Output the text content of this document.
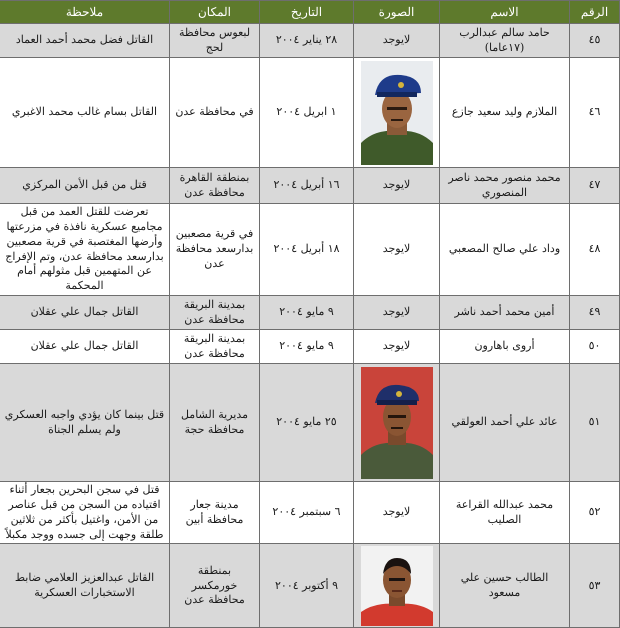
الرقم	الاسم	الصورة	التاريخ	المكان	ملاحظة
٤٥	حامد سالم عبدالرب (١٧عاما)	لايوجد	٢٨ يناير ٢٠٠٤	لبعوس محافظة لحج	القاتل فضل محمد أحمد العماد
٤٦	الملازم وليد سعيد جازع		١ ابريل ٢٠٠٤	في محافظة عدن	القاتل بسام غالب محمد الاغبري
٤٧	محمد منصور محمد ناصر المنصوري	لايوجد	١٦ أبريل ٢٠٠٤	بمنطقة القاهرة محافظة عدن	قتل من قبل الأمن المركزي
٤٨	وداد علي صالح المصعبي	لايوجد	١٨ أبريل ٢٠٠٤	في قرية مصعبين بدارسعد محافظة عدن	تعرضت للقتل العمد من قبل مجاميع عسكرية نافذة في مزرعتها وأرضها المغتصبة في قرية مصعبين بدارسعد محافظة عدن، وتم الإفراج عن المتهمين قبل مثولهم أمام المحكمة
٤٩	أمين محمد أحمد ناشر	لايوجد	٩ مايو ٢٠٠٤	بمدينة البريقة محافظة عدن	القاتل جمال علي عقلان
٥٠	أروى باهارون	لايوجد	٩ مايو ٢٠٠٤	بمدينة البريقة محافظة عدن	القاتل جمال علي عقلان
٥١	عائد علي أحمد العولقي		٢٥ مايو ٢٠٠٤	مديرية الشامل محافظة حجة	قتل بينما كان يؤدي واجبه العسكري ولم يسلم الجناة
٥٢	محمد عبدالله القراعة الصليب	لايوجد	٦ سبتمبر ٢٠٠٤	مدينة جعار محافظة أبين	قتل في سجن البحرين بجعار أثناء اقتياده من السجن من قبل عناصر من الأمن، واغتيل بأكثر من ثلاثين طلقة وجهت إلى جسده ووجد مكبلاً
٥٣	الطالب حسين علي مسعود		٩ أكتوبر ٢٠٠٤	بمنطقة خورمكسر محافظة عدن	القاتل عبدالعزيز العلامي ضابط الاستخبارات العسكرية
